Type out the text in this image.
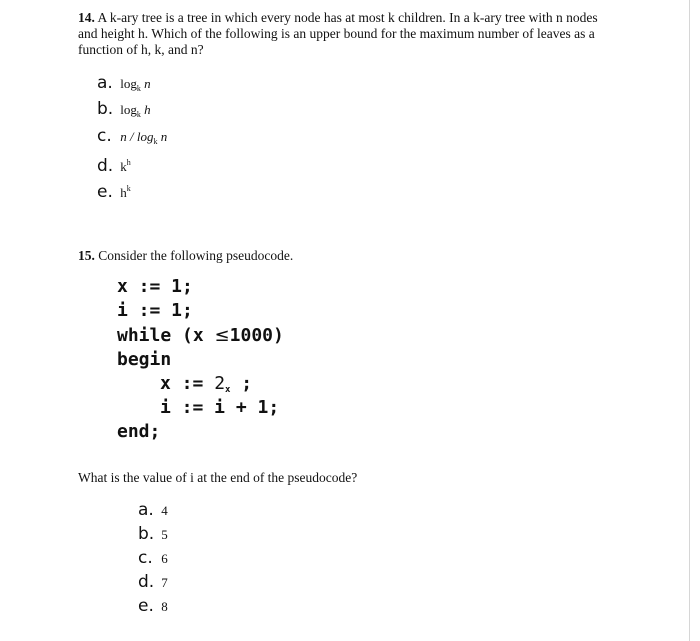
14. A k-ary tree is a tree in which every node has at most k children. In a k-ary tree with n nodes and height h. Which of the following is an upper bound for the maximum number of leaves as a function of h, k, and n?
a. $\log_k n$
b. $\log_k h$
c. n / $\log_k n$
d. $k^h$
e. $h^k$
15. Consider the following pseudocode.
x := 1;
i := 1;
while (x ≤1000)
begin
x := $2_x$ ;
i := i + 1;
end;
What is the value of i at the end of the pseudocode?
a. 4
b. 5
c. 6
d. 7
e. 8
